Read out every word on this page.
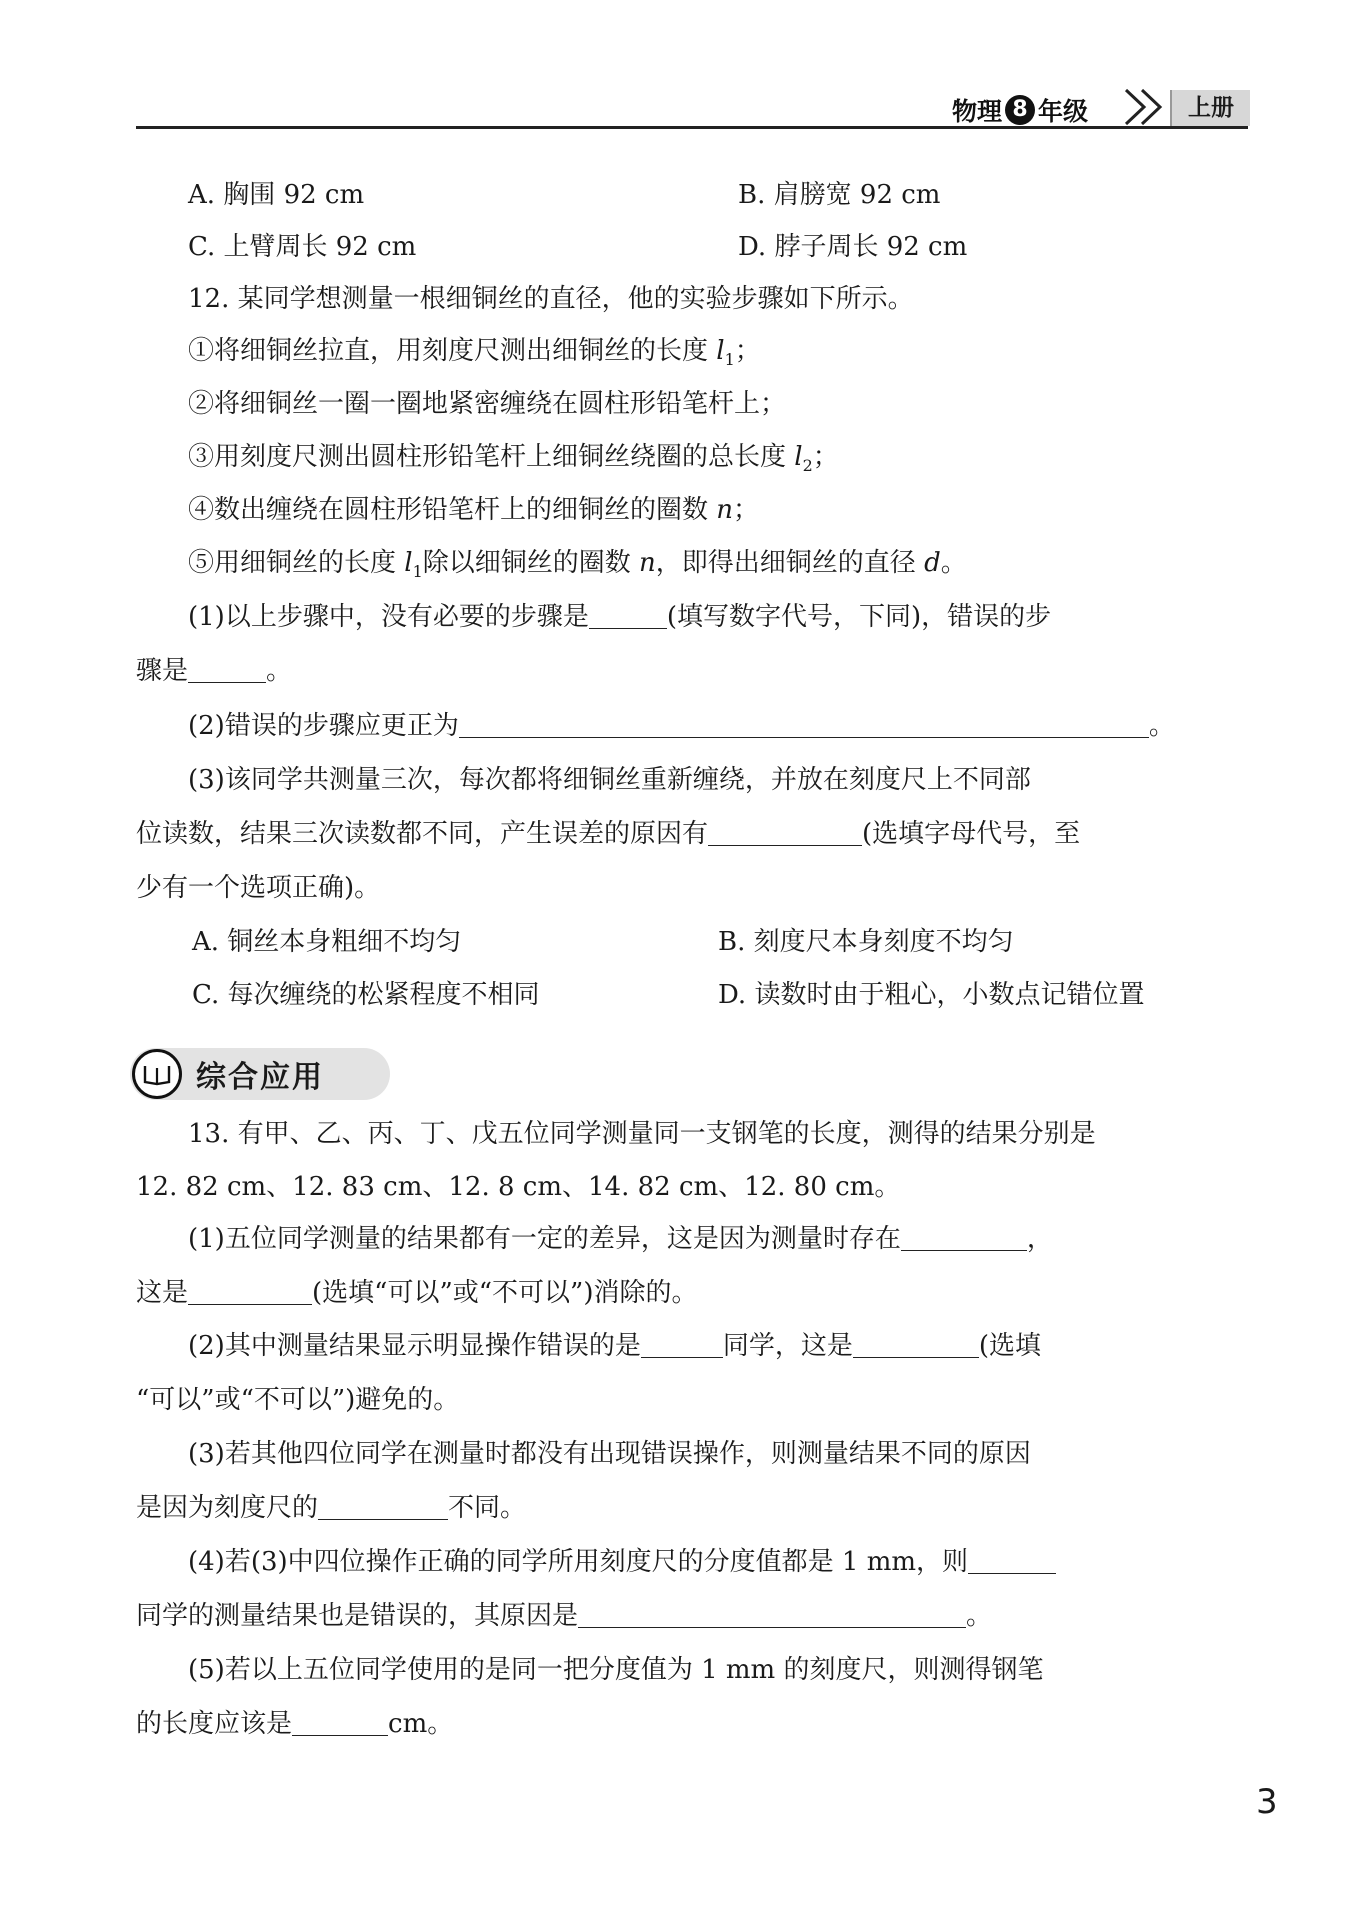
物理 8 年级	上册
A. 胸围 92 cm	B. 肩膀宽 92 cm
C. 上臂周长 92 cm	D. 脖子周长 92 cm
12. 某同学想测量一根细铜丝的直径，他的实验步骤如下所示。
①将细铜丝拉直，用刻度尺测出细铜丝的长度 $l_1$；
②将细铜丝一圈一圈地紧密缠绕在圆柱形铅笔杆上；
③用刻度尺测出圆柱形铅笔杆上细铜丝绕圈的总长度 $l_2$；
④数出缠绕在圆柱形铅笔杆上的细铜丝的圈数 n；
⑤用细铜丝的长度 $l_1$除以细铜丝的圈数 n，即得出细铜丝的直径 d。
(1)以上步骤中，没有必要的步骤是	(填写数字代号，下同)，错误的步
骤是	。
(2)错误的步骤应更正为	。
(3)该同学共测量三次，每次都将细铜丝重新缠绕，并放在刻度尺上不同部
位读数，结果三次读数都不同，产生误差的原因有	(选填字母代号，至
少有一个选项正确)。
A. 铜丝本身粗细不均匀	B. 刻度尺本身刻度不均匀
C. 每次缠绕的松紧程度不相同	D. 读数时由于粗心，小数点记错位置
综合应用
13. 有甲、乙、丙、丁、戊五位同学测量同一支钢笔的长度，测得的结果分别是
12. 82 cm、12. 83 cm、12. 8 cm、14. 82 cm、12. 80 cm。
(1)五位同学测量的结果都有一定的差异，这是因为测量时存在	，
这是	(选填“可以”或“不可以”)消除的。
(2)其中测量结果显示明显操作错误的是	同学，这是	(选填
“可以”或“不可以”)避免的。
(3)若其他四位同学在测量时都没有出现错误操作，则测量结果不同的原因
是因为刻度尺的	不同。
(4)若(3)中四位操作正确的同学所用刻度尺的分度值都是 1 mm，则
同学的测量结果也是错误的，其原因是	。
(5)若以上五位同学使用的是同一把分度值为 1 mm 的刻度尺，则测得钢笔
的长度应该是	cm。
3
